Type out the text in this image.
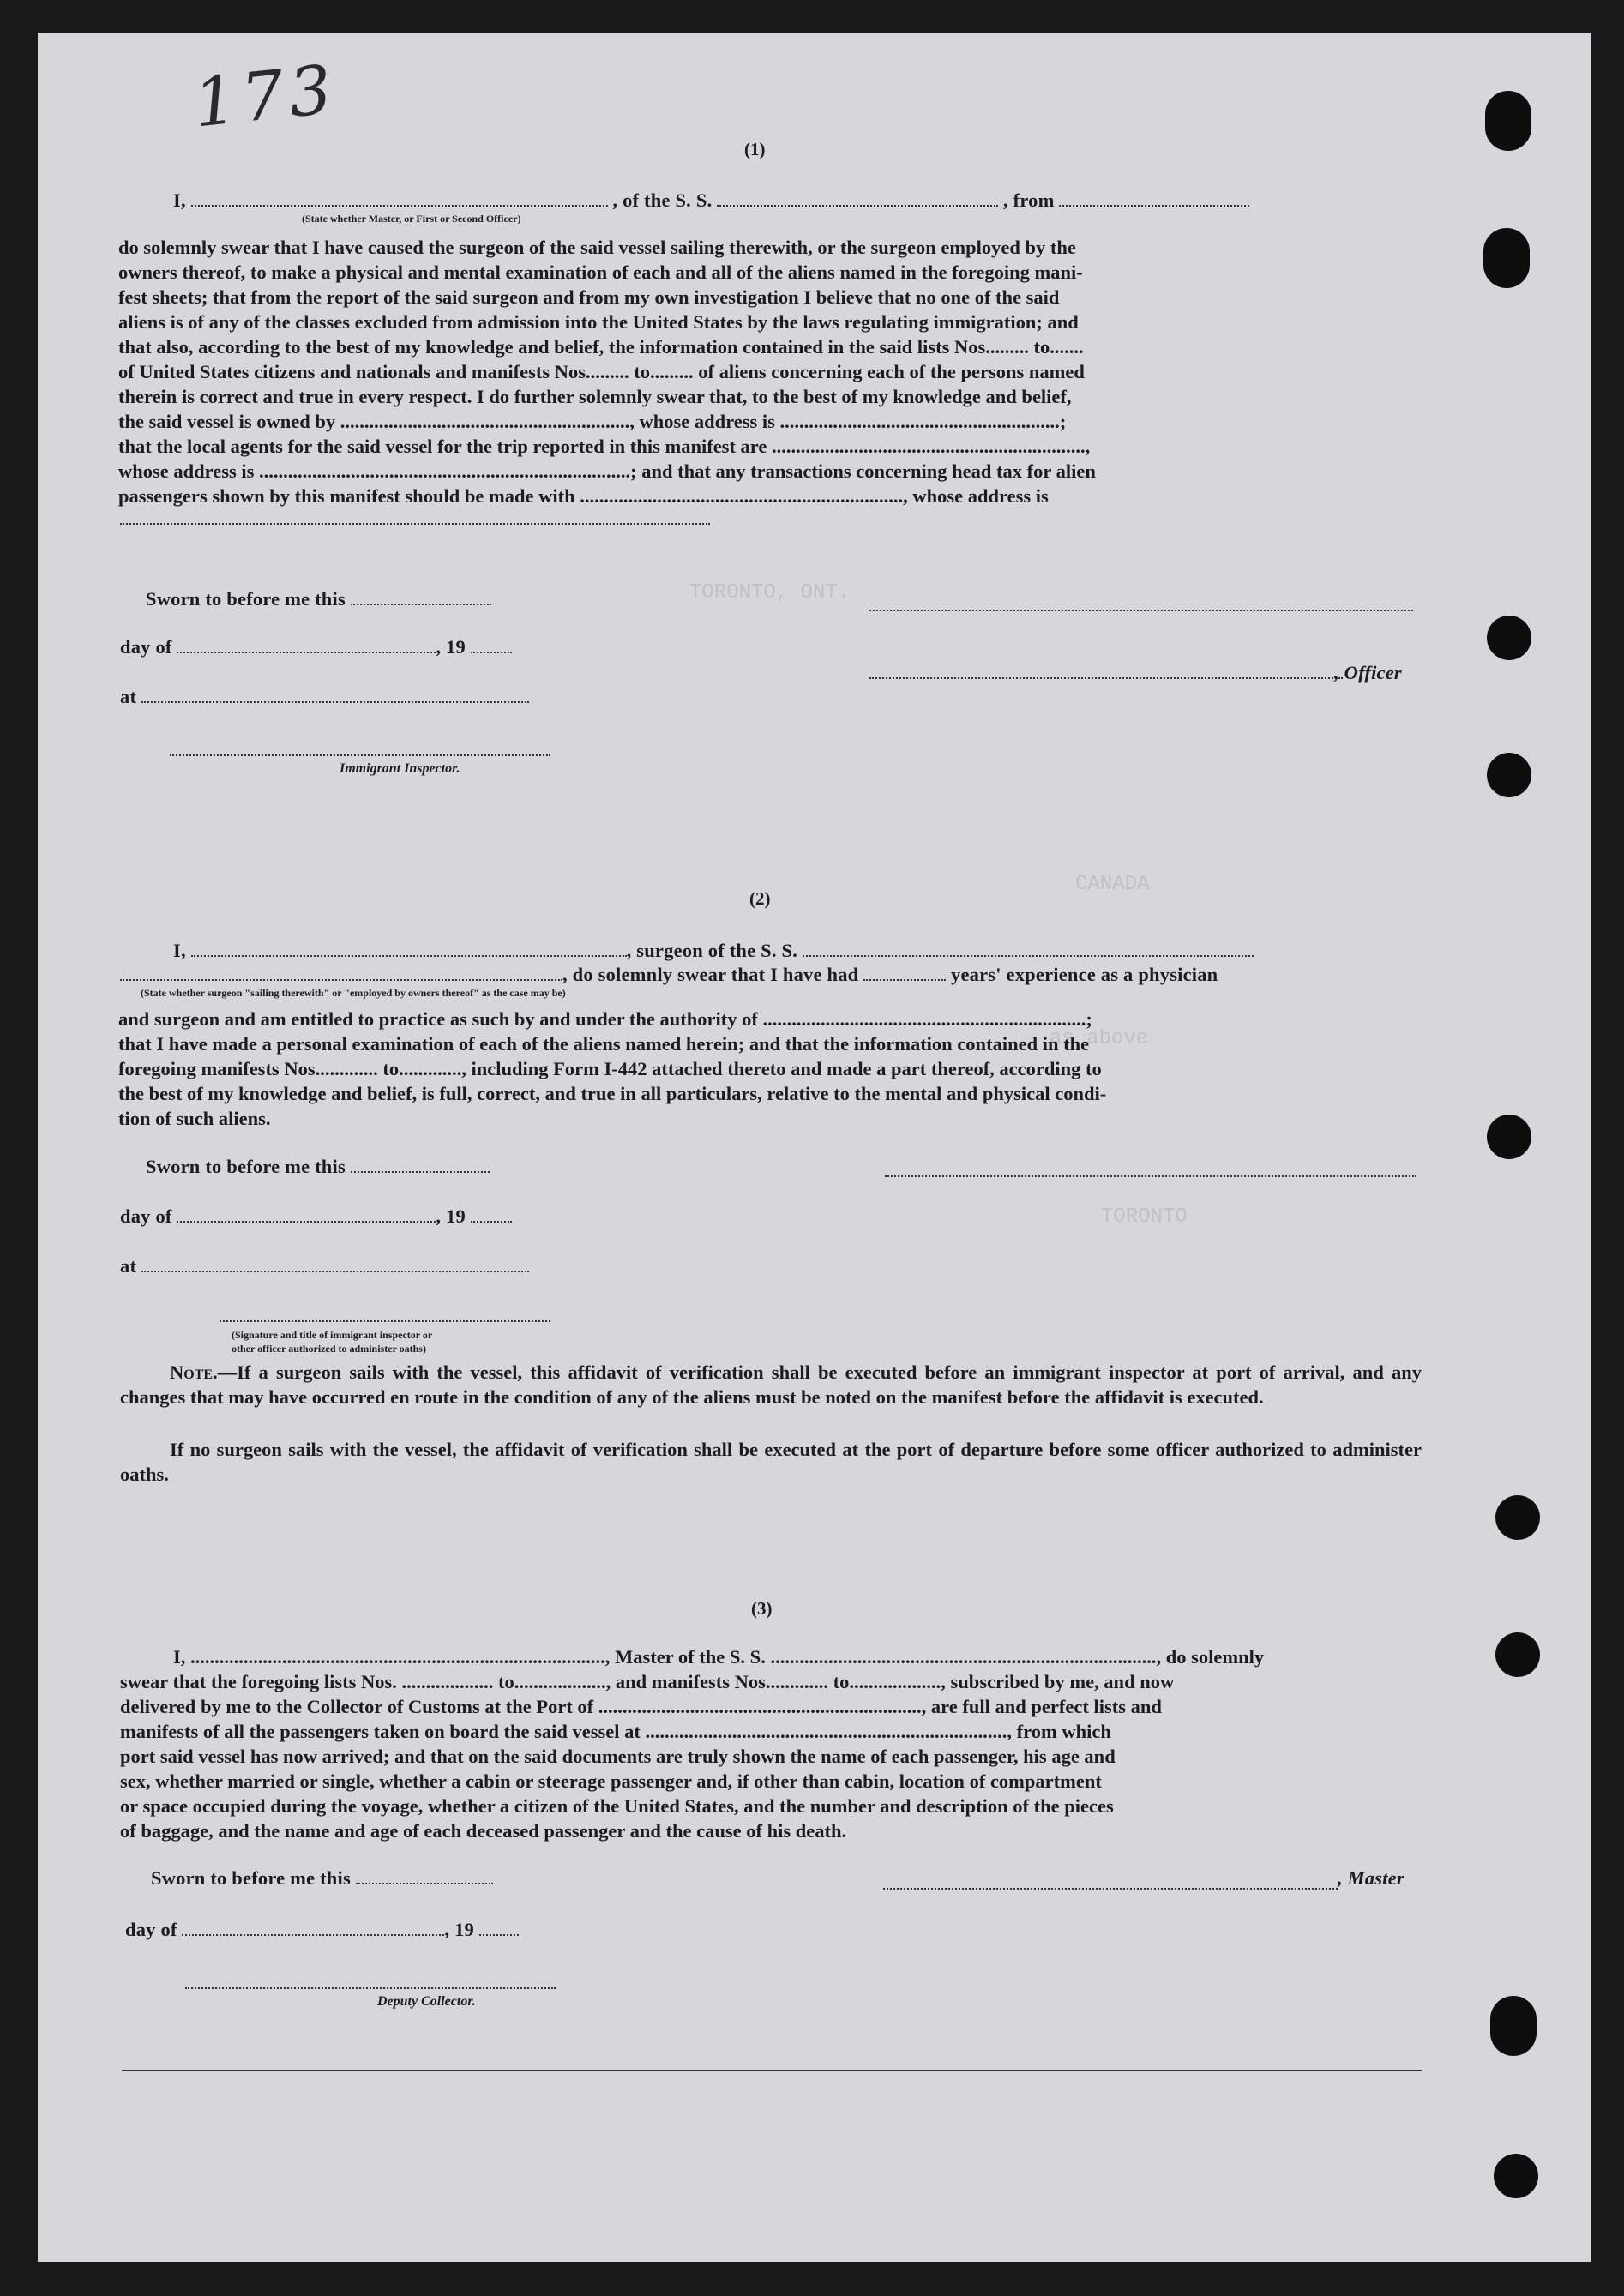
TORONTO, ONT.
CANADA
as above
TORONTO
173
(1)
I,	, of the S. S.	, from
(State whether Master, or First or Second Officer)
do solemnly swear that I have caused the surgeon of the said vessel sailing therewith, or the surgeon employed by the
owners thereof, to make a physical and mental examination of each and all of the aliens named in the foregoing mani-
fest sheets; that from the report of the said surgeon and from my own investigation I believe that no one of the said
aliens is of any of the classes excluded from admission into the United States by the laws regulating immigration; and
that also, according to the best of my knowledge and belief, the information contained in the said lists Nos......... to.......
of United States citizens and nationals and manifests Nos......... to......... of aliens concerning each of the persons named
therein is correct and true in every respect. I do further solemnly swear that, to the best of my knowledge and belief,
the said vessel is owned by ............................................................, whose address is ..........................................................;
that the local agents for the said vessel for the trip reported in this manifest are .................................................................,
whose address is .............................................................................; and that any transactions concerning head tax for alien
passengers shown by this manifest should be made with ..................................................................., whose address is
Sworn to before me this
day of	, 19
, Officer
at
Immigrant Inspector.
(2)
I,	, surgeon of the S. S.
, do solemnly swear that I have had	years' experience as a physician
(State whether surgeon "sailing therewith" or "employed by owners thereof" as the case may be)
and surgeon and am entitled to practice as such by and under the authority of ...................................................................;
that I have made a personal examination of each of the aliens named herein; and that the information contained in the
foregoing manifests Nos............. to............., including Form I-442 attached thereto and made a part thereof, according to
the best of my knowledge and belief, is full, correct, and true in all particulars, relative to the mental and physical condi-
tion of such aliens.
Sworn to before me this
day of	, 19
at
(Signature and title of immigrant inspector or
other officer authorized to administer oaths)
Note.—If a surgeon sails with the vessel, this affidavit of verification shall be executed before an immigrant inspector at port of arrival, and any changes that may have occurred en route in the condition of any of the aliens must be noted on the manifest before the affidavit is executed.
If no surgeon sails with the vessel, the affidavit of verification shall be executed at the port of departure before some officer authorized to administer oaths.
(3)
I, ......................................................................................, Master of the S. S. ................................................................................, do solemnly
swear that the foregoing lists Nos. ................... to..................., and manifests Nos............. to..................., subscribed by me, and now
delivered by me to the Collector of Customs at the Port of ..................................................................., are full and perfect lists and
manifests of all the passengers taken on board the said vessel at ..........................................................................., from which
port said vessel has now arrived; and that on the said documents are truly shown the name of each passenger, his age and
sex, whether married or single, whether a cabin or steerage passenger and, if other than cabin, location of compartment
or space occupied during the voyage, whether a citizen of the United States, and the number and description of the pieces
of baggage, and the name and age of each deceased passenger and the cause of his death.
Sworn to before me this	, Master
day of	, 19
Deputy Collector.
